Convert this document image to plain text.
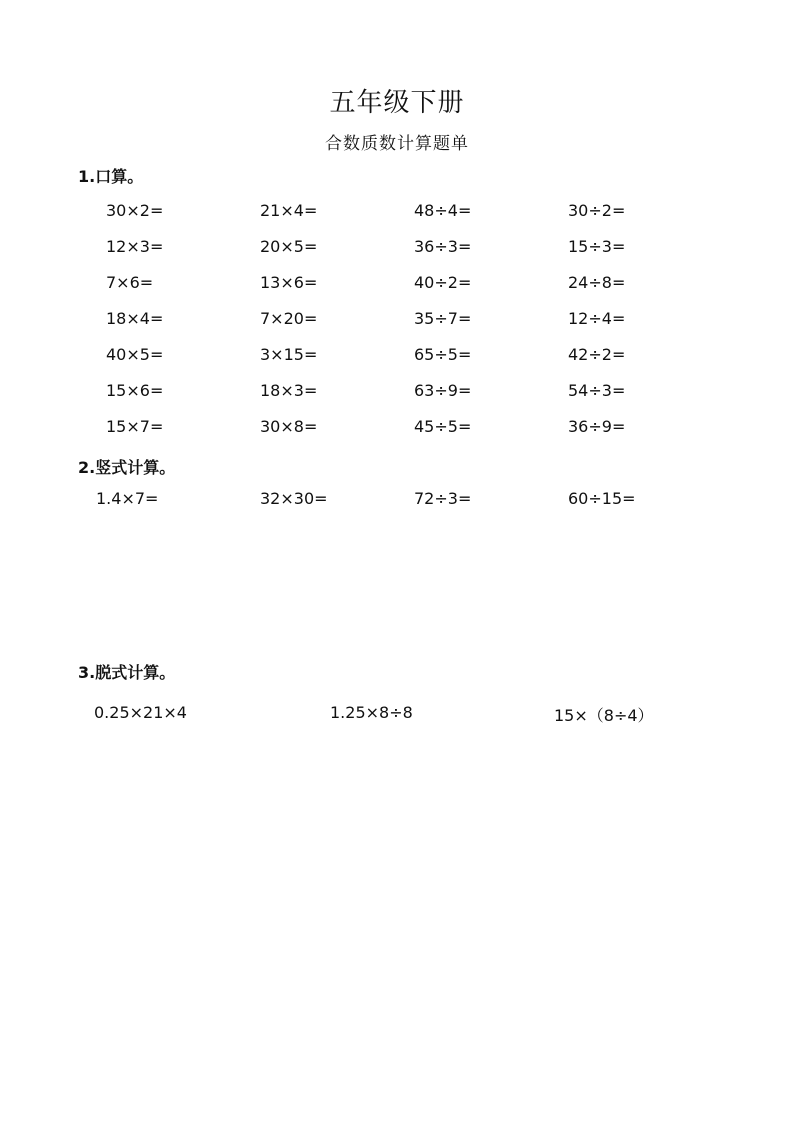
五年级下册
合数质数计算题单
1.口算。
30×2=	21×4=	48÷4=	30÷2=
12×3=	20×5=	36÷3=	15÷3=
7×6=	13×6=	40÷2=	24÷8=
18×4=	7×20=	35÷7=	12÷4=
40×5=	3×15=	65÷5=	42÷2=
15×6=	18×3=	63÷9=	54÷3=
15×7=	30×8=	45÷5=	36÷9=
2.竖式计算。
1.4×7=	32×30=	72÷3=	60÷15=
3.脱式计算。
0.25×21×4	1.25×8÷8	15×（8÷4）
